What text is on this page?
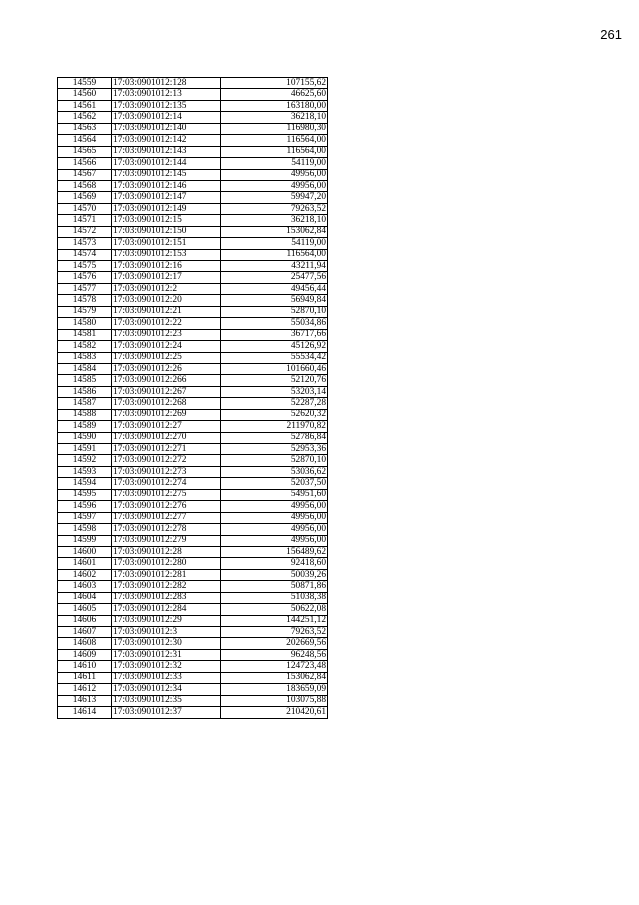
261
14559	17:03:0901012:128	107155,62
14560	17:03:0901012:13	46625,60
14561	17:03:0901012:135	163180,00
14562	17:03:0901012:14	36218,10
14563	17:03:0901012:140	116980,30
14564	17:03:0901012:142	116564,00
14565	17:03:0901012:143	116564,00
14566	17:03:0901012:144	54119,00
14567	17:03:0901012:145	49956,00
14568	17:03:0901012:146	49956,00
14569	17:03:0901012:147	59947,20
14570	17:03:0901012:149	79263,52
14571	17:03:0901012:15	36218,10
14572	17:03:0901012:150	153062,84
14573	17:03:0901012:151	54119,00
14574	17:03:0901012:153	116564,00
14575	17:03:0901012:16	43211,94
14576	17:03:0901012:17	25477,56
14577	17:03:0901012:2	49456,44
14578	17:03:0901012:20	56949,84
14579	17:03:0901012:21	52870,10
14580	17:03:0901012:22	55034,86
14581	17:03:0901012:23	36717,66
14582	17:03:0901012:24	45126,92
14583	17:03:0901012:25	55534,42
14584	17:03:0901012:26	101660,46
14585	17:03:0901012:266	52120,76
14586	17:03:0901012:267	53203,14
14587	17:03:0901012:268	52287,28
14588	17:03:0901012:269	52620,32
14589	17:03:0901012:27	211970,82
14590	17:03:0901012:270	52786,84
14591	17:03:0901012:271	52953,36
14592	17:03:0901012:272	52870,10
14593	17:03:0901012:273	53036,62
14594	17:03:0901012:274	52037,50
14595	17:03:0901012:275	54951,60
14596	17:03:0901012:276	49956,00
14597	17:03:0901012:277	49956,00
14598	17:03:0901012:278	49956,00
14599	17:03:0901012:279	49956,00
14600	17:03:0901012:28	156489,62
14601	17:03:0901012:280	92418,60
14602	17:03:0901012:281	50039,26
14603	17:03:0901012:282	50871,86
14604	17:03:0901012:283	51038,38
14605	17:03:0901012:284	50622,08
14606	17:03:0901012:29	144251,12
14607	17:03:0901012:3	79263,52
14608	17:03:0901012:30	202669,56
14609	17:03:0901012:31	96248,56
14610	17:03:0901012:32	124723,48
14611	17:03:0901012:33	153062,84
14612	17:03:0901012:34	183659,09
14613	17:03:0901012:35	103075,88
14614	17:03:0901012:37	210420,61
